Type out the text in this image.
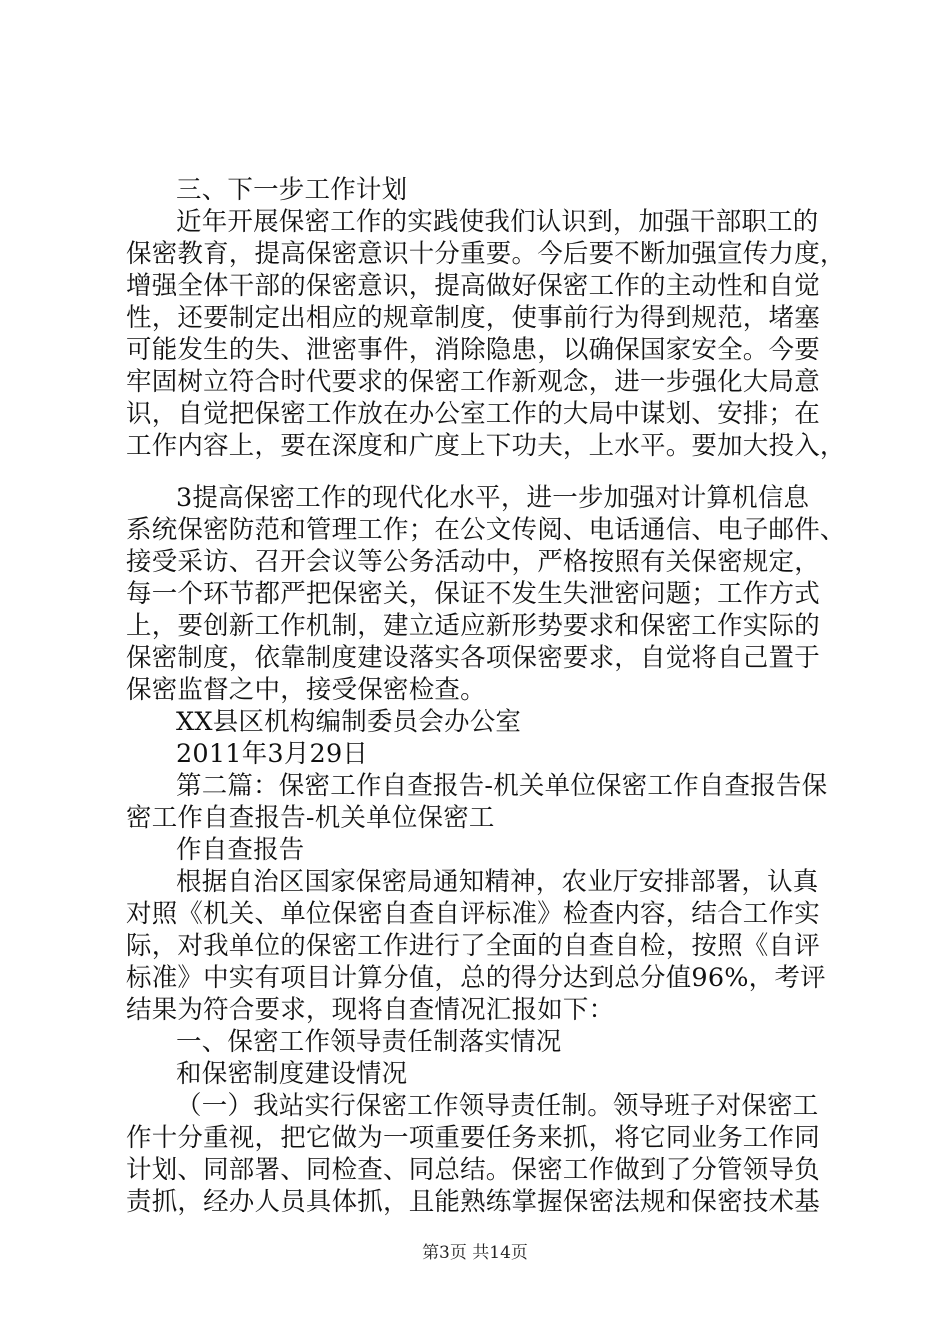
三、下一步工作计划
近年开展保密工作的实践使我们认识到，加强干部职工的
保密教育，提高保密意识十分重要。今后要不断加强宣传力度，
增强全体干部的保密意识，提高做好保密工作的主动性和自觉
性，还要制定出相应的规章制度，使事前行为得到规范，堵塞
可能发生的失、泄密事件，消除隐患，以确保国家安全。今要
牢固树立符合时代要求的保密工作新观念，进一步强化大局意
识，自觉把保密工作放在办公室工作的大局中谋划、安排；在
工作内容上，要在深度和广度上下功夫，上水平。要加大投入，
3提高保密工作的现代化水平，进一步加强对计算机信息
系统保密防范和管理工作；在公文传阅、电话通信、电子邮件、
接受采访、召开会议等公务活动中，严格按照有关保密规定，
每一个环节都严把保密关，保证不发生失泄密问题；工作方式
上，要创新工作机制，建立适应新形势要求和保密工作实际的
保密制度，依靠制度建设落实各项保密要求，自觉将自己置于
保密监督之中，接受保密检查。
XX县区机构编制委员会办公室
2011年3月29日
第二篇：保密工作自查报告-机关单位保密工作自查报告保
密工作自查报告-机关单位保密工
作自查报告
根据自治区国家保密局通知精神，农业厅安排部署，认真
对照《机关、单位保密自查自评标准》检查内容，结合工作实
际，对我单位的保密工作进行了全面的自查自检，按照《自评
标准》中实有项目计算分值，总的得分达到总分值96%，考评
结果为符合要求，现将自查情况汇报如下：
一、保密工作领导责任制落实情况
和保密制度建设情况
（一）我站实行保密工作领导责任制。领导班子对保密工
作十分重视，把它做为一项重要任务来抓，将它同业务工作同
计划、同部署、同检查、同总结。保密工作做到了分管领导负
责抓，经办人员具体抓，且能熟练掌握保密法规和保密技术基
第3页 共14页
